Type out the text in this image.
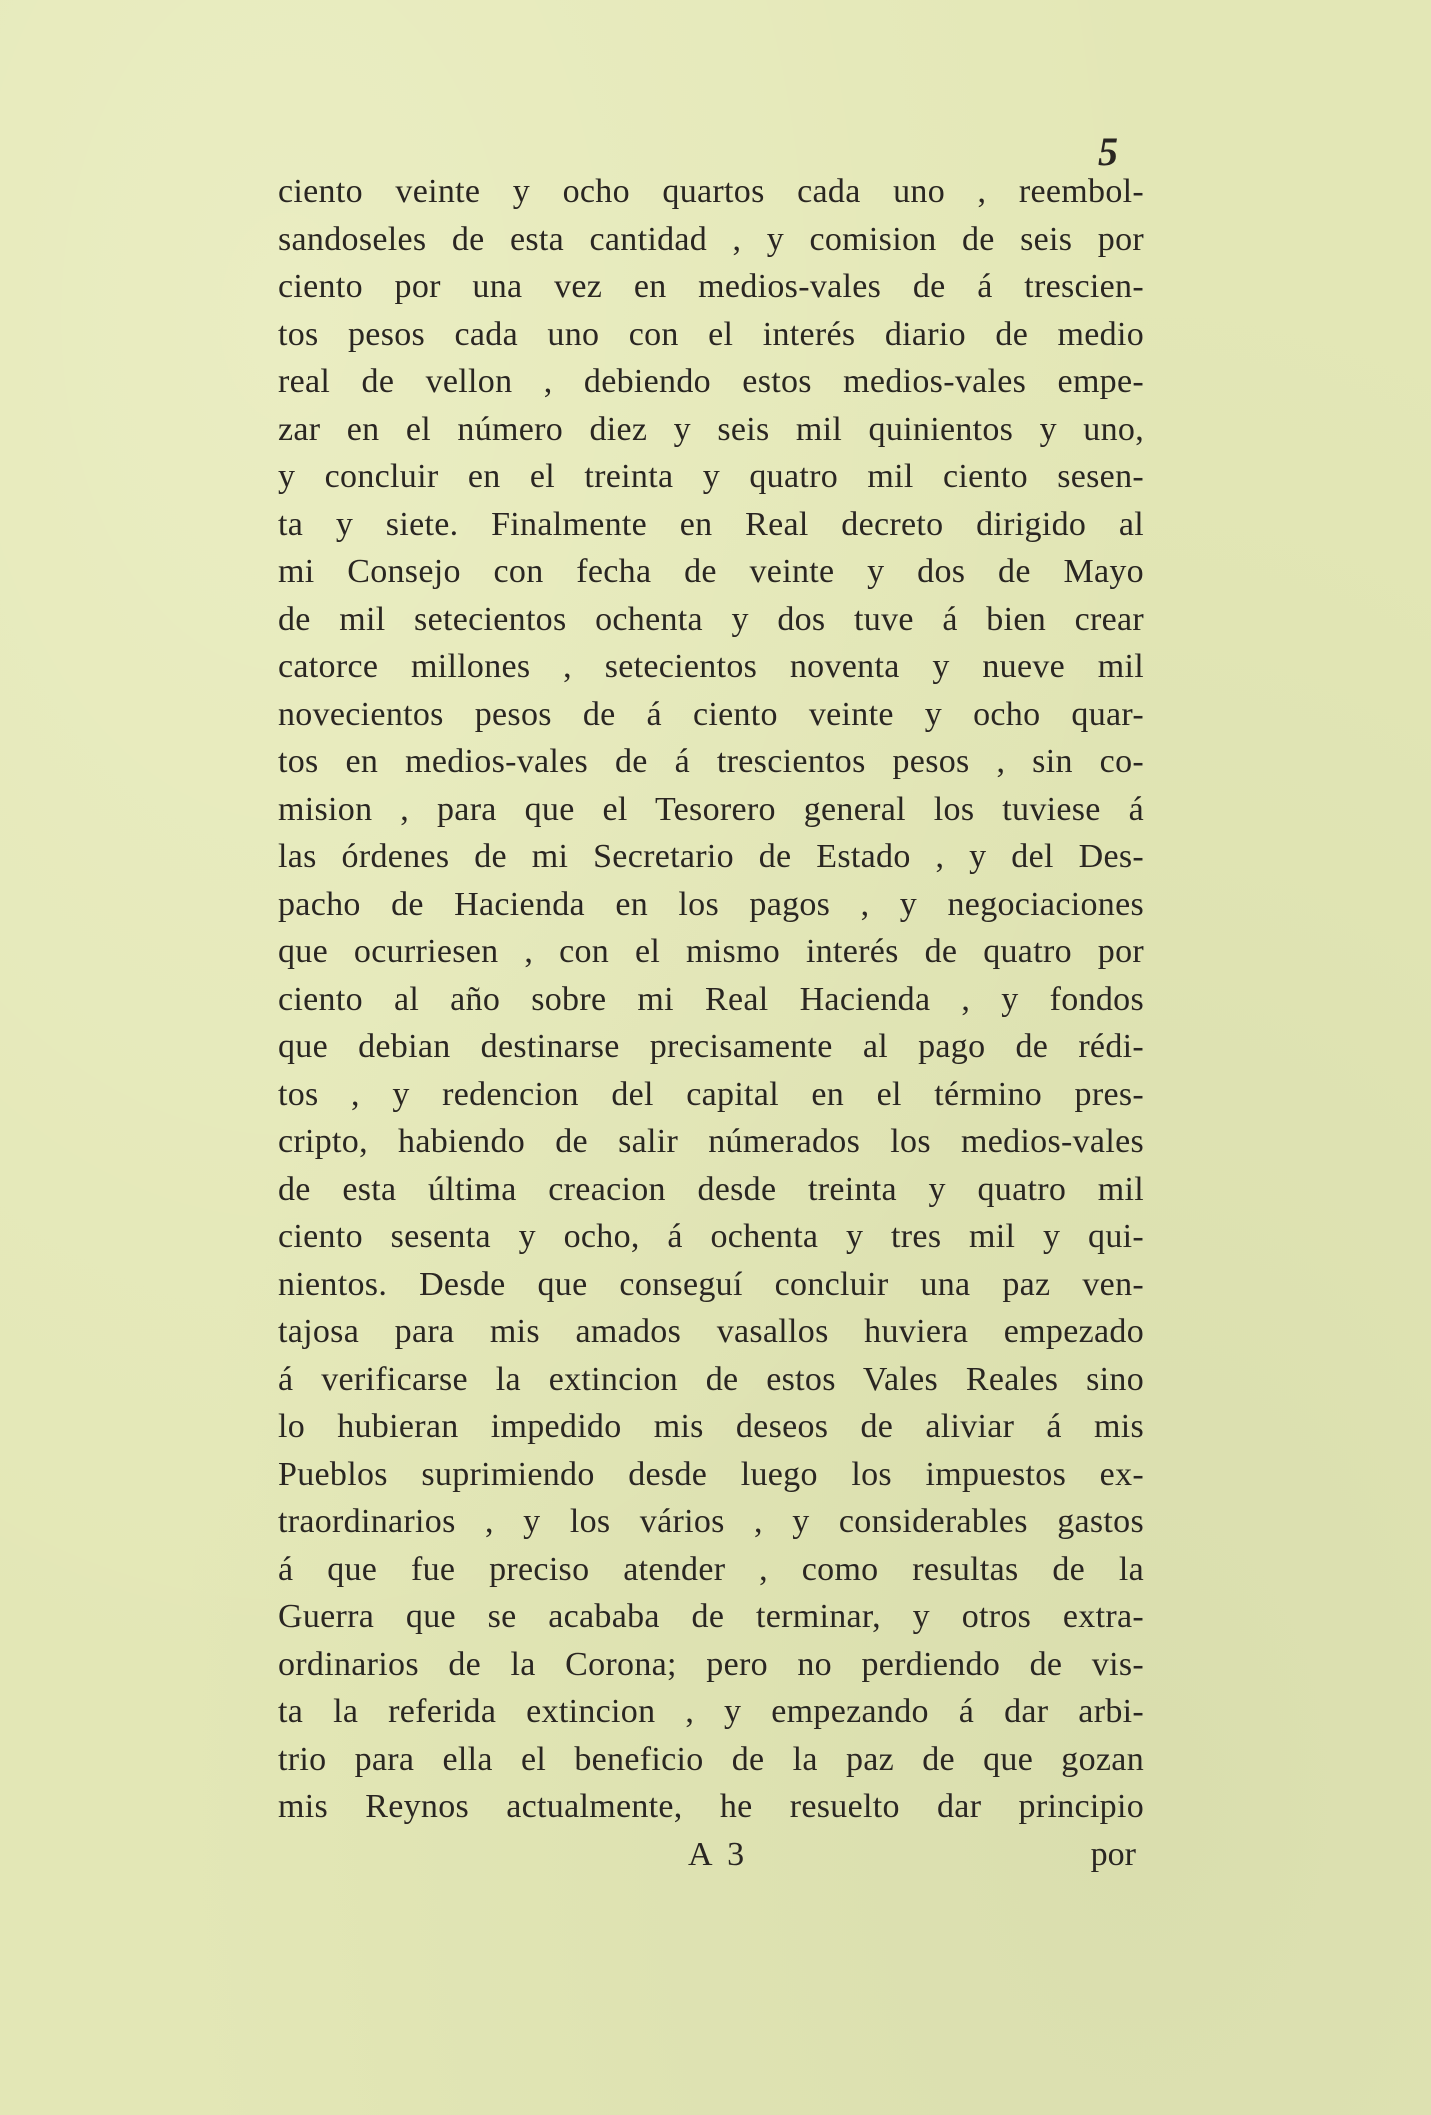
5
ciento veinte y ocho quartos cada uno , reembol-
sandoseles de esta cantidad , y comision de seis por
ciento por una vez en medios-vales de á trescien-
tos pesos cada uno con el interés diario de medio
real de vellon , debiendo estos medios-vales empe-
zar en el número diez y seis mil quinientos y uno,
y concluir en el treinta y quatro mil ciento sesen-
ta y siete. Finalmente en Real decreto dirigido al
mi Consejo con fecha de veinte y dos de Mayo
de mil setecientos ochenta y dos tuve á bien crear
catorce millones , setecientos noventa y nueve mil
novecientos pesos de á ciento veinte y ocho quar-
tos en medios-vales de á trescientos pesos , sin co-
mision , para que el Tesorero general los tuviese á
las órdenes de mi Secretario de Estado , y del Des-
pacho de Hacienda en los pagos , y negociaciones
que ocurriesen , con el mismo interés de quatro por
ciento al año sobre mi Real Hacienda , y fondos
que debian destinarse precisamente al pago de rédi-
tos , y redencion del capital en el término pres-
cripto, habiendo de salir númerados los medios-vales
de esta última creacion desde treinta y quatro mil
ciento sesenta y ocho, á ochenta y tres mil y qui-
nientos. Desde que conseguí concluir una paz ven-
tajosa para mis amados vasallos huviera empezado
á verificarse la extincion de estos Vales Reales sino
lo hubieran impedido mis deseos de aliviar á mis
Pueblos suprimiendo desde luego los impuestos ex-
traordinarios , y los vários , y considerables gastos
á que fue preciso atender , como resultas de la
Guerra que se acababa de terminar, y otros extra-
ordinarios de la Corona; pero no perdiendo de vis-
ta la referida extincion , y empezando á dar arbi-
trio para ella el beneficio de la paz de que gozan
mis Reynos actualmente, he resuelto dar principio
A 3	por
